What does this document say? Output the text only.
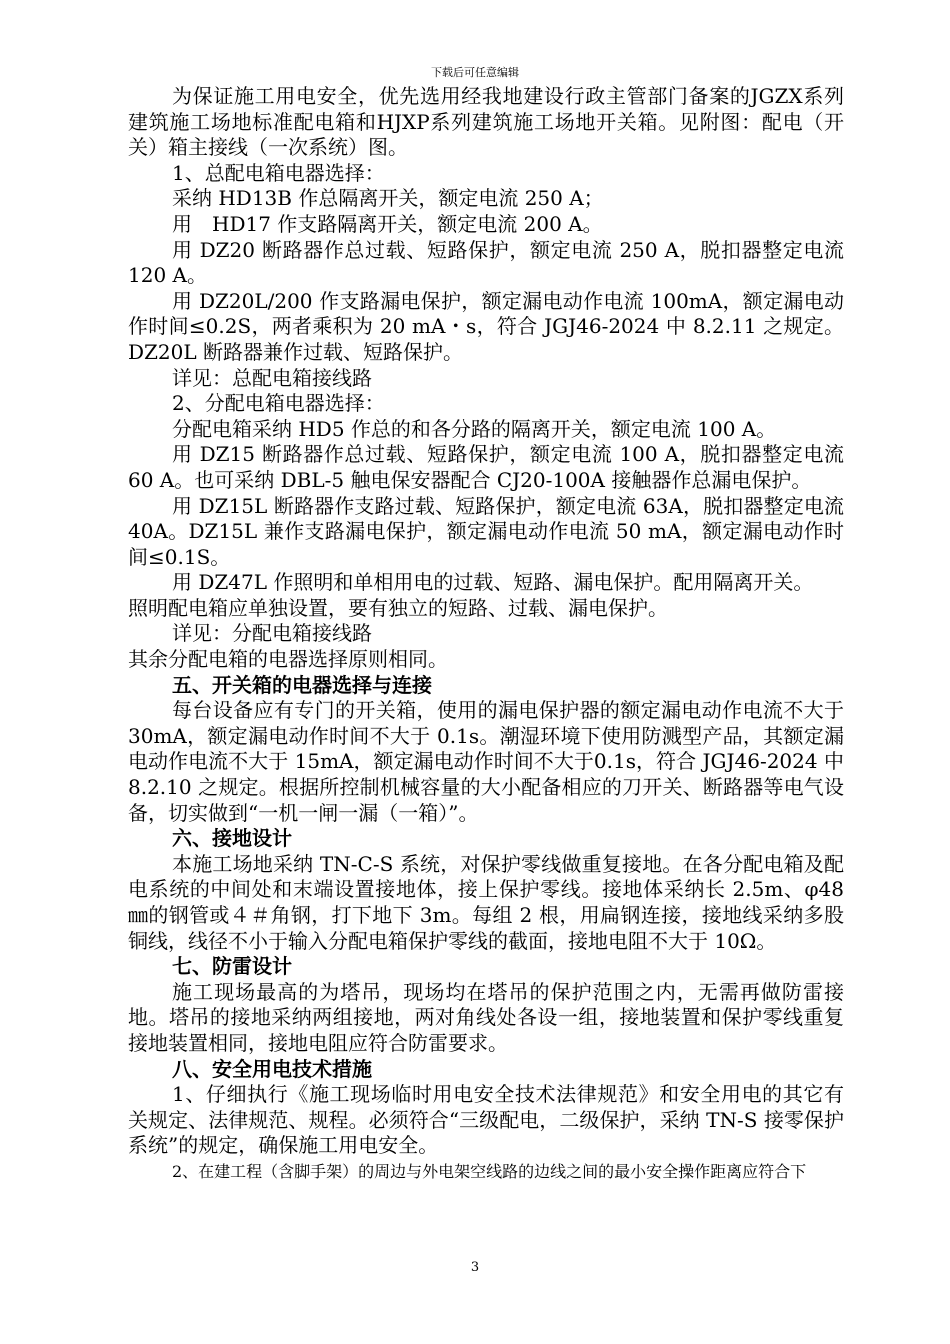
下载后可任意编辑

为保证施工用电安全，优先选用经我地建设行政主管部门备案的JGZX系列建筑施工场地标准配电箱和HJXP系列建筑施工场地开关箱。见附图：配电（开关）箱主接线（一次系统）图。

1、总配电箱电器选择：

采纳 HD13B 作总隔离开关，额定电流 250 A；

用　HD17 作支路隔离开关，额定电流 200 A。

用 DZ20 断路器作总过载、短路保护，额定电流 250 A，脱扣器整定电流 120 A。

用 DZ20L/200 作支路漏电保护，额定漏电动作电流 100mA，额定漏电动作时间≤0.2S，两者乘积为 20 mA・s，符合 JGJ46-2024 中 8.2.11 之规定。DZ20L 断路器兼作过载、短路保护。

详见：总配电箱接线路

2、分配电箱电器选择：

分配电箱采纳 HD5 作总的和各分路的隔离开关，额定电流 100 A。

用 DZ15 断路器作总过载、短路保护，额定电流 100 A，脱扣器整定电流 60 A。也可采纳 DBL-5 触电保安器配合 CJ20-100A 接触器作总漏电保护。

用 DZ15L 断路器作支路过载、短路保护，额定电流 63A，脱扣器整定电流 40A。DZ15L 兼作支路漏电保护，额定漏电动作电流 50 mA，额定漏电动作时间≤0.1S。

用 DZ47L 作照明和单相用电的过载、短路、漏电保护。配用隔离开关。

照明配电箱应单独设置，要有独立的短路、过载、漏电保护。

详见：分配电箱接线路

其余分配电箱的电器选择原则相同。

五、开关箱的电器选择与连接

每台设备应有专门的开关箱，使用的漏电保护器的额定漏电动作电流不大于 30mA，额定漏电动作时间不大于 0.1s。潮湿环境下使用防溅型产品，其额定漏电动作电流不大于 15mA，额定漏电动作时间不大于0.1s，符合 JGJ46-2024 中 8.2.10 之规定。根据所控制机械容量的大小配备相应的刀开关、断路器等电气设备，切实做到“一机一闸一漏（一箱）”。

六、接地设计

本施工场地采纳 TN-C-S 系统，对保护零线做重复接地。在各分配电箱及配电系统的中间处和末端设置接地体，接上保护零线。接地体采纳长 2.5m、φ48㎜的钢管或４＃角钢，打下地下 3m。每组 2 根，用扁钢连接，接地线采纳多股铜线，线径不小于输入分配电箱保护零线的截面，接地电阻不大于 10Ω。

七、防雷设计

施工现场最高的为塔吊，现场均在塔吊的保护范围之内，无需再做防雷接地。塔吊的接地采纳两组接地，两对角线处各设一组，接地装置和保护零线重复接地装置相同，接地电阻应符合防雷要求。

八、安全用电技术措施

1、仔细执行《施工现场临时用电安全技术法律规范》和安全用电的其它有关规定、法律规范、规程。必须符合“三级配电，二级保护，采纳 TN-S 接零保护系统”的规定，确保施工用电安全。

2、在建工程（含脚手架）的周边与外电架空线路的边线之间的最小安全操作距离应符合下

3
